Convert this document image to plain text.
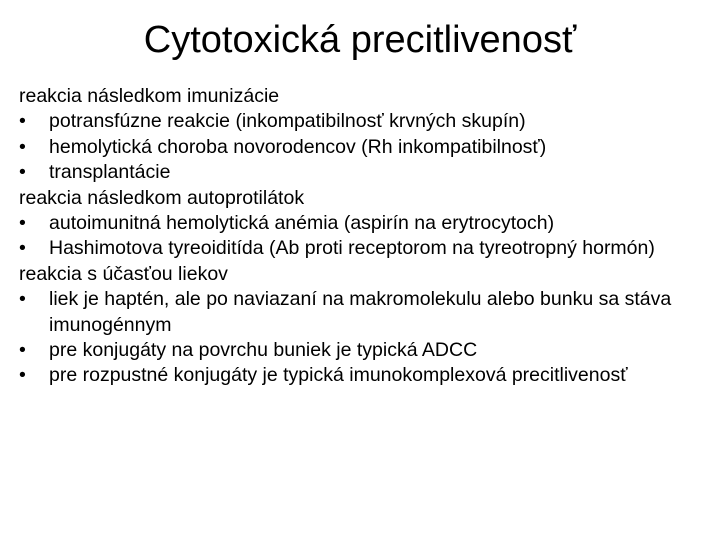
Cytotoxická precitlivenosť

reakcia následkom imunizácie

• potransfúzne reakcie (inkompatibilnosť krvných skupín)

• hemolytická choroba novorodencov (Rh inkompatibilnosť)

• transplantácie

reakcia následkom autoprotilátok

• autoimunitná hemolytická anémia (aspirín na erytrocytoch)

• Hashimotova tyreoiditída (Ab proti receptorom na tyreotropný hormón)

reakcia s účasťou liekov

• liek je haptén, ale po naviazaní na makromolekulu alebo bunku sa stáva imunogénnym

• pre konjugáty na povrchu buniek je typická ADCC

• pre rozpustné konjugáty je typická imunokomplexová precitlivenosť
